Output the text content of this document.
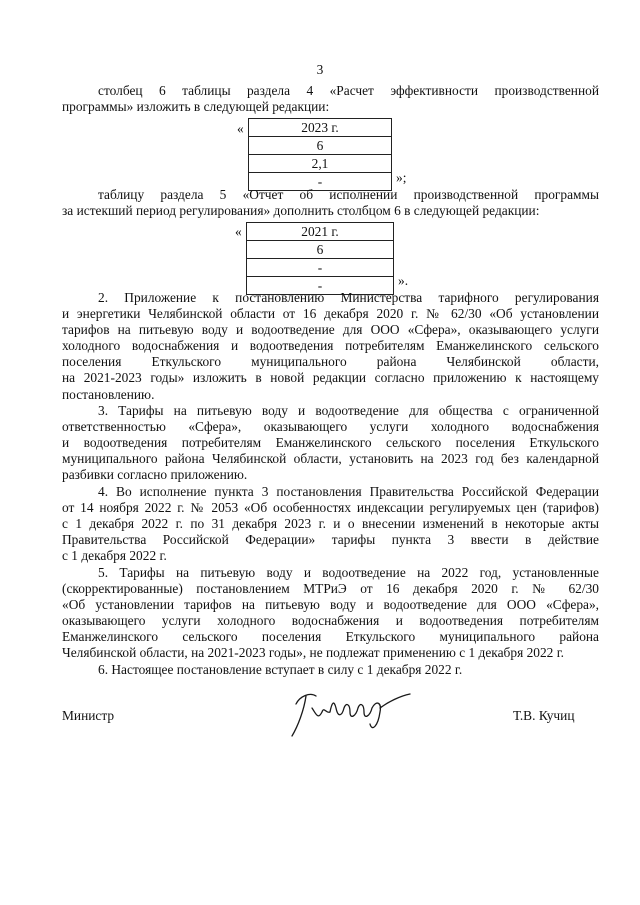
3

столбец 6 таблицы раздела 4 «Расчет эффективности производственной

программы» изложить в следующей редакции:

«	2023 г.
6
2,1
-	»;

таблицу раздела 5 «Отчет об исполнении производственной программы

за истекший период регулирования» дополнить столбцом 6 в следующей редакции:

«	2021 г.
6
-
-	».

2. Приложение к постановлению Министерства тарифного регулирования

и энергетики Челябинской области от 16 декабря 2020 г. № 62/30 «Об установлении

тарифов на питьевую воду и водоотведение для ООО «Сфера», оказывающего услуги

холодного водоснабжения и водоотведения потребителям Еманжелинского сельского

поселения Еткульского муниципального района Челябинской области,

на 2021-2023 годы» изложить в новой редакции согласно приложению к настоящему

постановлению.

3. Тарифы на питьевую воду и водоотведение для общества с ограниченной

ответственностью «Сфера», оказывающего услуги холодного водоснабжения

и водоотведения потребителям Еманжелинского сельского поселения Еткульского

муниципального района Челябинской области, установить на 2023 год без календарной

разбивки согласно приложению.

4. Во исполнение пункта 3 постановления Правительства Российской Федерации

от 14 ноября 2022 г. № 2053 «Об особенностях индексации регулируемых цен (тарифов)

с 1 декабря 2022 г. по 31 декабря 2023 г. и о внесении изменений в некоторые акты

Правительства Российской Федерации» тарифы пункта 3 ввести в действие

с 1 декабря 2022 г.

5. Тарифы на питьевую воду и водоотведение на 2022 год, установленные

(скорректированные) постановлением МТРиЭ от 16 декабря 2020 г. № 62/30

«Об установлении тарифов на питьевую воду и водоотведение для ООО «Сфера»,

оказывающего услуги холодного водоснабжения и водоотведения потребителям

Еманжелинского сельского поселения Еткульского муниципального района

Челябинской области, на 2021-2023 годы», не подлежат применению с 1 декабря 2022 г.

6. Настоящее постановление вступает в силу с 1 декабря 2022 г.

Министр	Т.В. Кучиц
